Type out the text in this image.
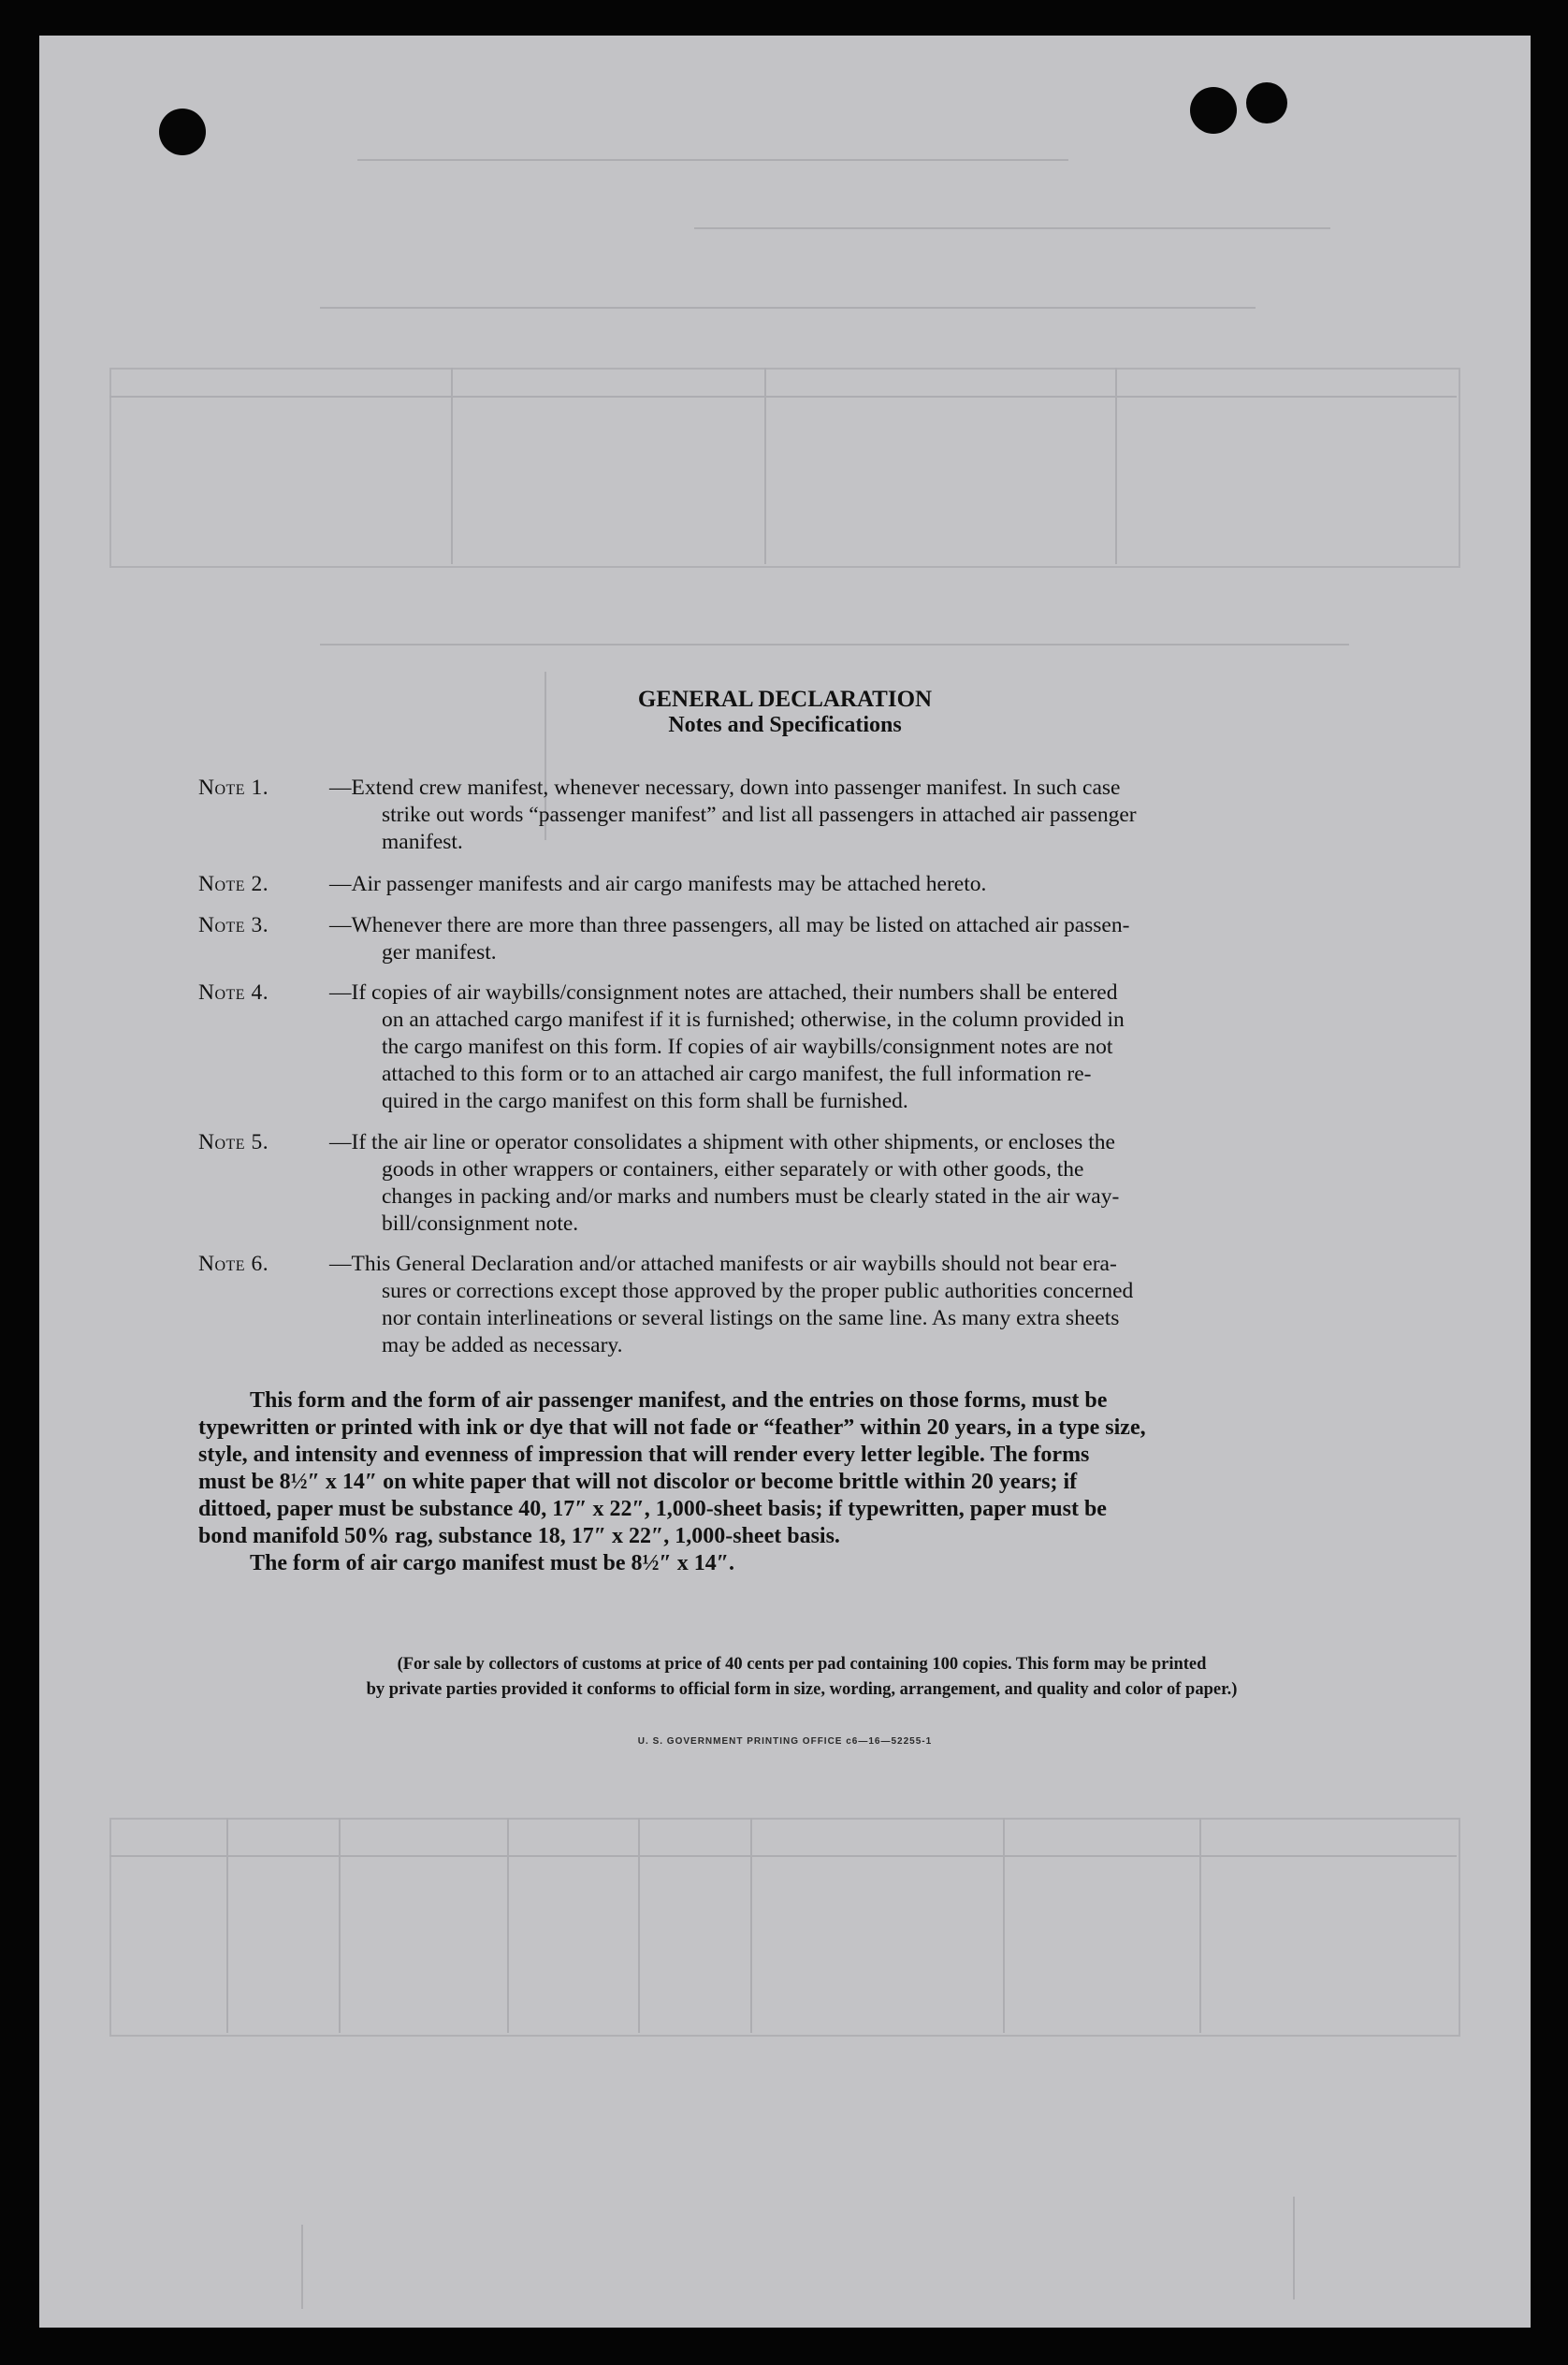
GENERAL DECLARATION
Notes and Specifications
Note 1.	—Extend crew manifest, whenever necessary, down into passenger manifest. In such case
strike out words “passenger manifest” and list all passengers in attached air passenger
manifest.
Note 2.	—Air passenger manifests and air cargo manifests may be attached hereto.
Note 3.	—Whenever there are more than three passengers, all may be listed on attached air passen-
ger manifest.
Note 4.	—If copies of air waybills/consignment notes are attached, their numbers shall be entered
on an attached cargo manifest if it is furnished; otherwise, in the column provided in
the cargo manifest on this form. If copies of air waybills/consignment notes are not
attached to this form or to an attached air cargo manifest, the full information re-
quired in the cargo manifest on this form shall be furnished.
Note 5.	—If the air line or operator consolidates a shipment with other shipments, or encloses the
goods in other wrappers or containers, either separately or with other goods, the
changes in packing and/or marks and numbers must be clearly stated in the air way-
bill/consignment note.
Note 6.	—This General Declaration and/or attached manifests or air waybills should not bear era-
sures or corrections except those approved by the proper public authorities concerned
nor contain interlineations or several listings on the same line. As many extra sheets
may be added as necessary.
This form and the form of air passenger manifest, and the entries on those forms, must be
typewritten or printed with ink or dye that will not fade or “feather” within 20 years, in a type size,
style, and intensity and evenness of impression that will render every letter legible. The forms
must be 8½″ x 14″ on white paper that will not discolor or become brittle within 20 years; if
dittoed, paper must be substance 40, 17″ x 22″, 1,000-sheet basis; if typewritten, paper must be
bond manifold 50% rag, substance 18, 17″ x 22″, 1,000-sheet basis.
The form of air cargo manifest must be 8½″ x 14″.
(For sale by collectors of customs at price of 40 cents per pad containing 100 copies. This form may be printed
by private parties provided it conforms to official form in size, wording, arrangement, and quality and color of paper.)
U. S. GOVERNMENT PRINTING OFFICE c6—16—52255-1
